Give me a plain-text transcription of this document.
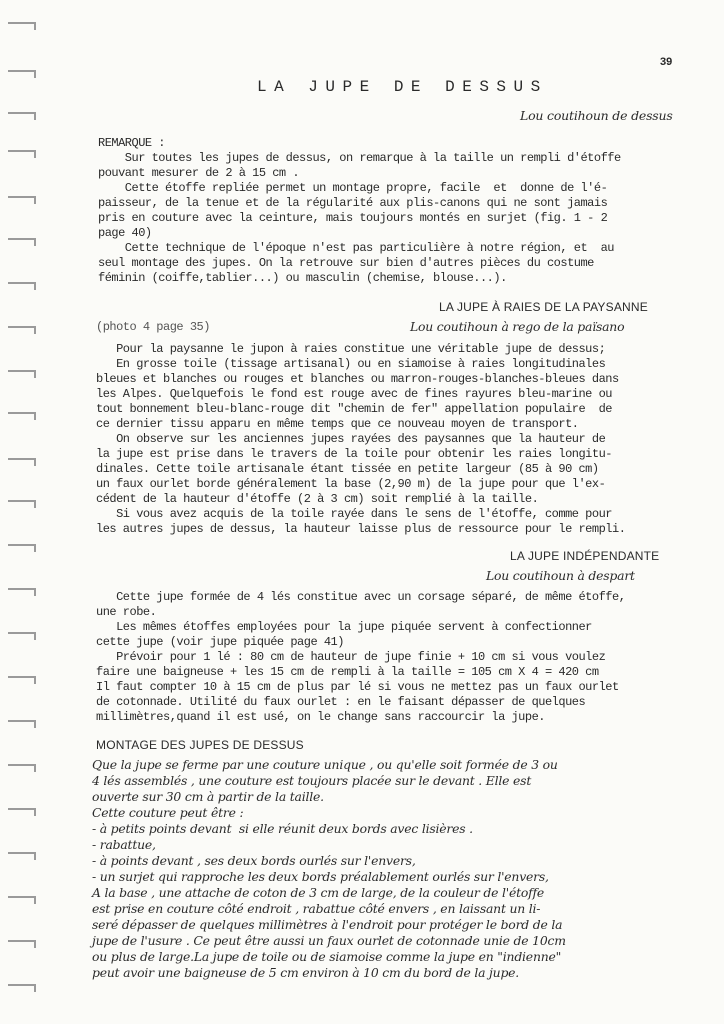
39
LA JUPE DE DESSUS
Lou coutihoun de dessus
REMARQUE :
Sur toutes les jupes de dessus, on remarque à la taille un rempli d'étoffe
pouvant mesurer de 2 à 15 cm .
Cette étoffe repliée permet un montage propre, facile  et  donne de l'é-
paisseur, de la tenue et de la régularité aux plis-canons qui ne sont jamais
pris en couture avec la ceinture, mais toujours montés en surjet (fig. 1 - 2
page 40)
Cette technique de l'époque n'est pas particulière à notre région, et  au
seul montage des jupes. On la retrouve sur bien d'autres pièces du costume
féminin (coiffe,tablier...) ou masculin (chemise, blouse...).
LA JUPE À RAIES DE LA PAYSANNE
(photo 4 page 35)	Lou coutihoun à rego de la païsano
Pour la paysanne le jupon à raies constitue une véritable jupe de dessus;
En grosse toile (tissage artisanal) ou en siamoise à raies longitudinales
bleues et blanches ou rouges et blanches ou marron-rouges-blanches-bleues dans
les Alpes. Quelquefois le fond est rouge avec de fines rayures bleu-marine ou
tout bonnement bleu-blanc-rouge dit "chemin de fer" appellation populaire  de
ce dernier tissu apparu en même temps que ce nouveau moyen de transport.
On observe sur les anciennes jupes rayées des paysannes que la hauteur de
la jupe est prise dans le travers de la toile pour obtenir les raies longitu-
dinales. Cette toile artisanale étant tissée en petite largeur (85 à 90 cm)
un faux ourlet borde généralement la base (2,90 m) de la jupe pour que l'ex-
cédent de la hauteur d'étoffe (2 à 3 cm) soit remplié à la taille.
Si vous avez acquis de la toile rayée dans le sens de l'étoffe, comme pour
les autres jupes de dessus, la hauteur laisse plus de ressource pour le rempli.
LA JUPE INDÉPENDANTE
Lou coutihoun à despart
Cette jupe formée de 4 lés constitue avec un corsage séparé, de même étoffe,
une robe.
Les mêmes étoffes employées pour la jupe piquée servent à confectionner
cette jupe (voir jupe piquée page 41)
Prévoir pour 1 lé : 80 cm de hauteur de jupe finie + 10 cm si vous voulez
faire une baigneuse + les 15 cm de rempli à la taille = 105 cm X 4 = 420 cm
Il faut compter 10 à 15 cm de plus par lé si vous ne mettez pas un faux ourlet
de cotonnade. Utilité du faux ourlet : en le faisant dépasser de quelques
millimètres,quand il est usé, on le change sans raccourcir la jupe.
MONTAGE DES JUPES DE DESSUS
Que la jupe se ferme par une couture unique , ou qu'elle soit formée de 3 ou
4 lés assemblés , une couture est toujours placée sur le devant . Elle est
ouverte sur 30 cm à partir de la taille.
Cette couture peut être :
- à petits points devant  si elle réunit deux bords avec lisières .
- rabattue,
- à points devant , ses deux bords ourlés sur l'envers,
- un surjet qui rapproche les deux bords préalablement ourlés sur l'envers,
A la base , une attache de coton de 3 cm de large, de la couleur de l'étoffe
est prise en couture côté endroit , rabattue côté envers , en laissant un li-
seré dépasser de quelques millimètres à l'endroit pour protéger le bord de la
jupe de l'usure . Ce peut être aussi un faux ourlet de cotonnade unie de 10cm
ou plus de large.La jupe de toile ou de siamoise comme la jupe en "indienne"
peut avoir une baigneuse de 5 cm environ à 10 cm du bord de la jupe.
